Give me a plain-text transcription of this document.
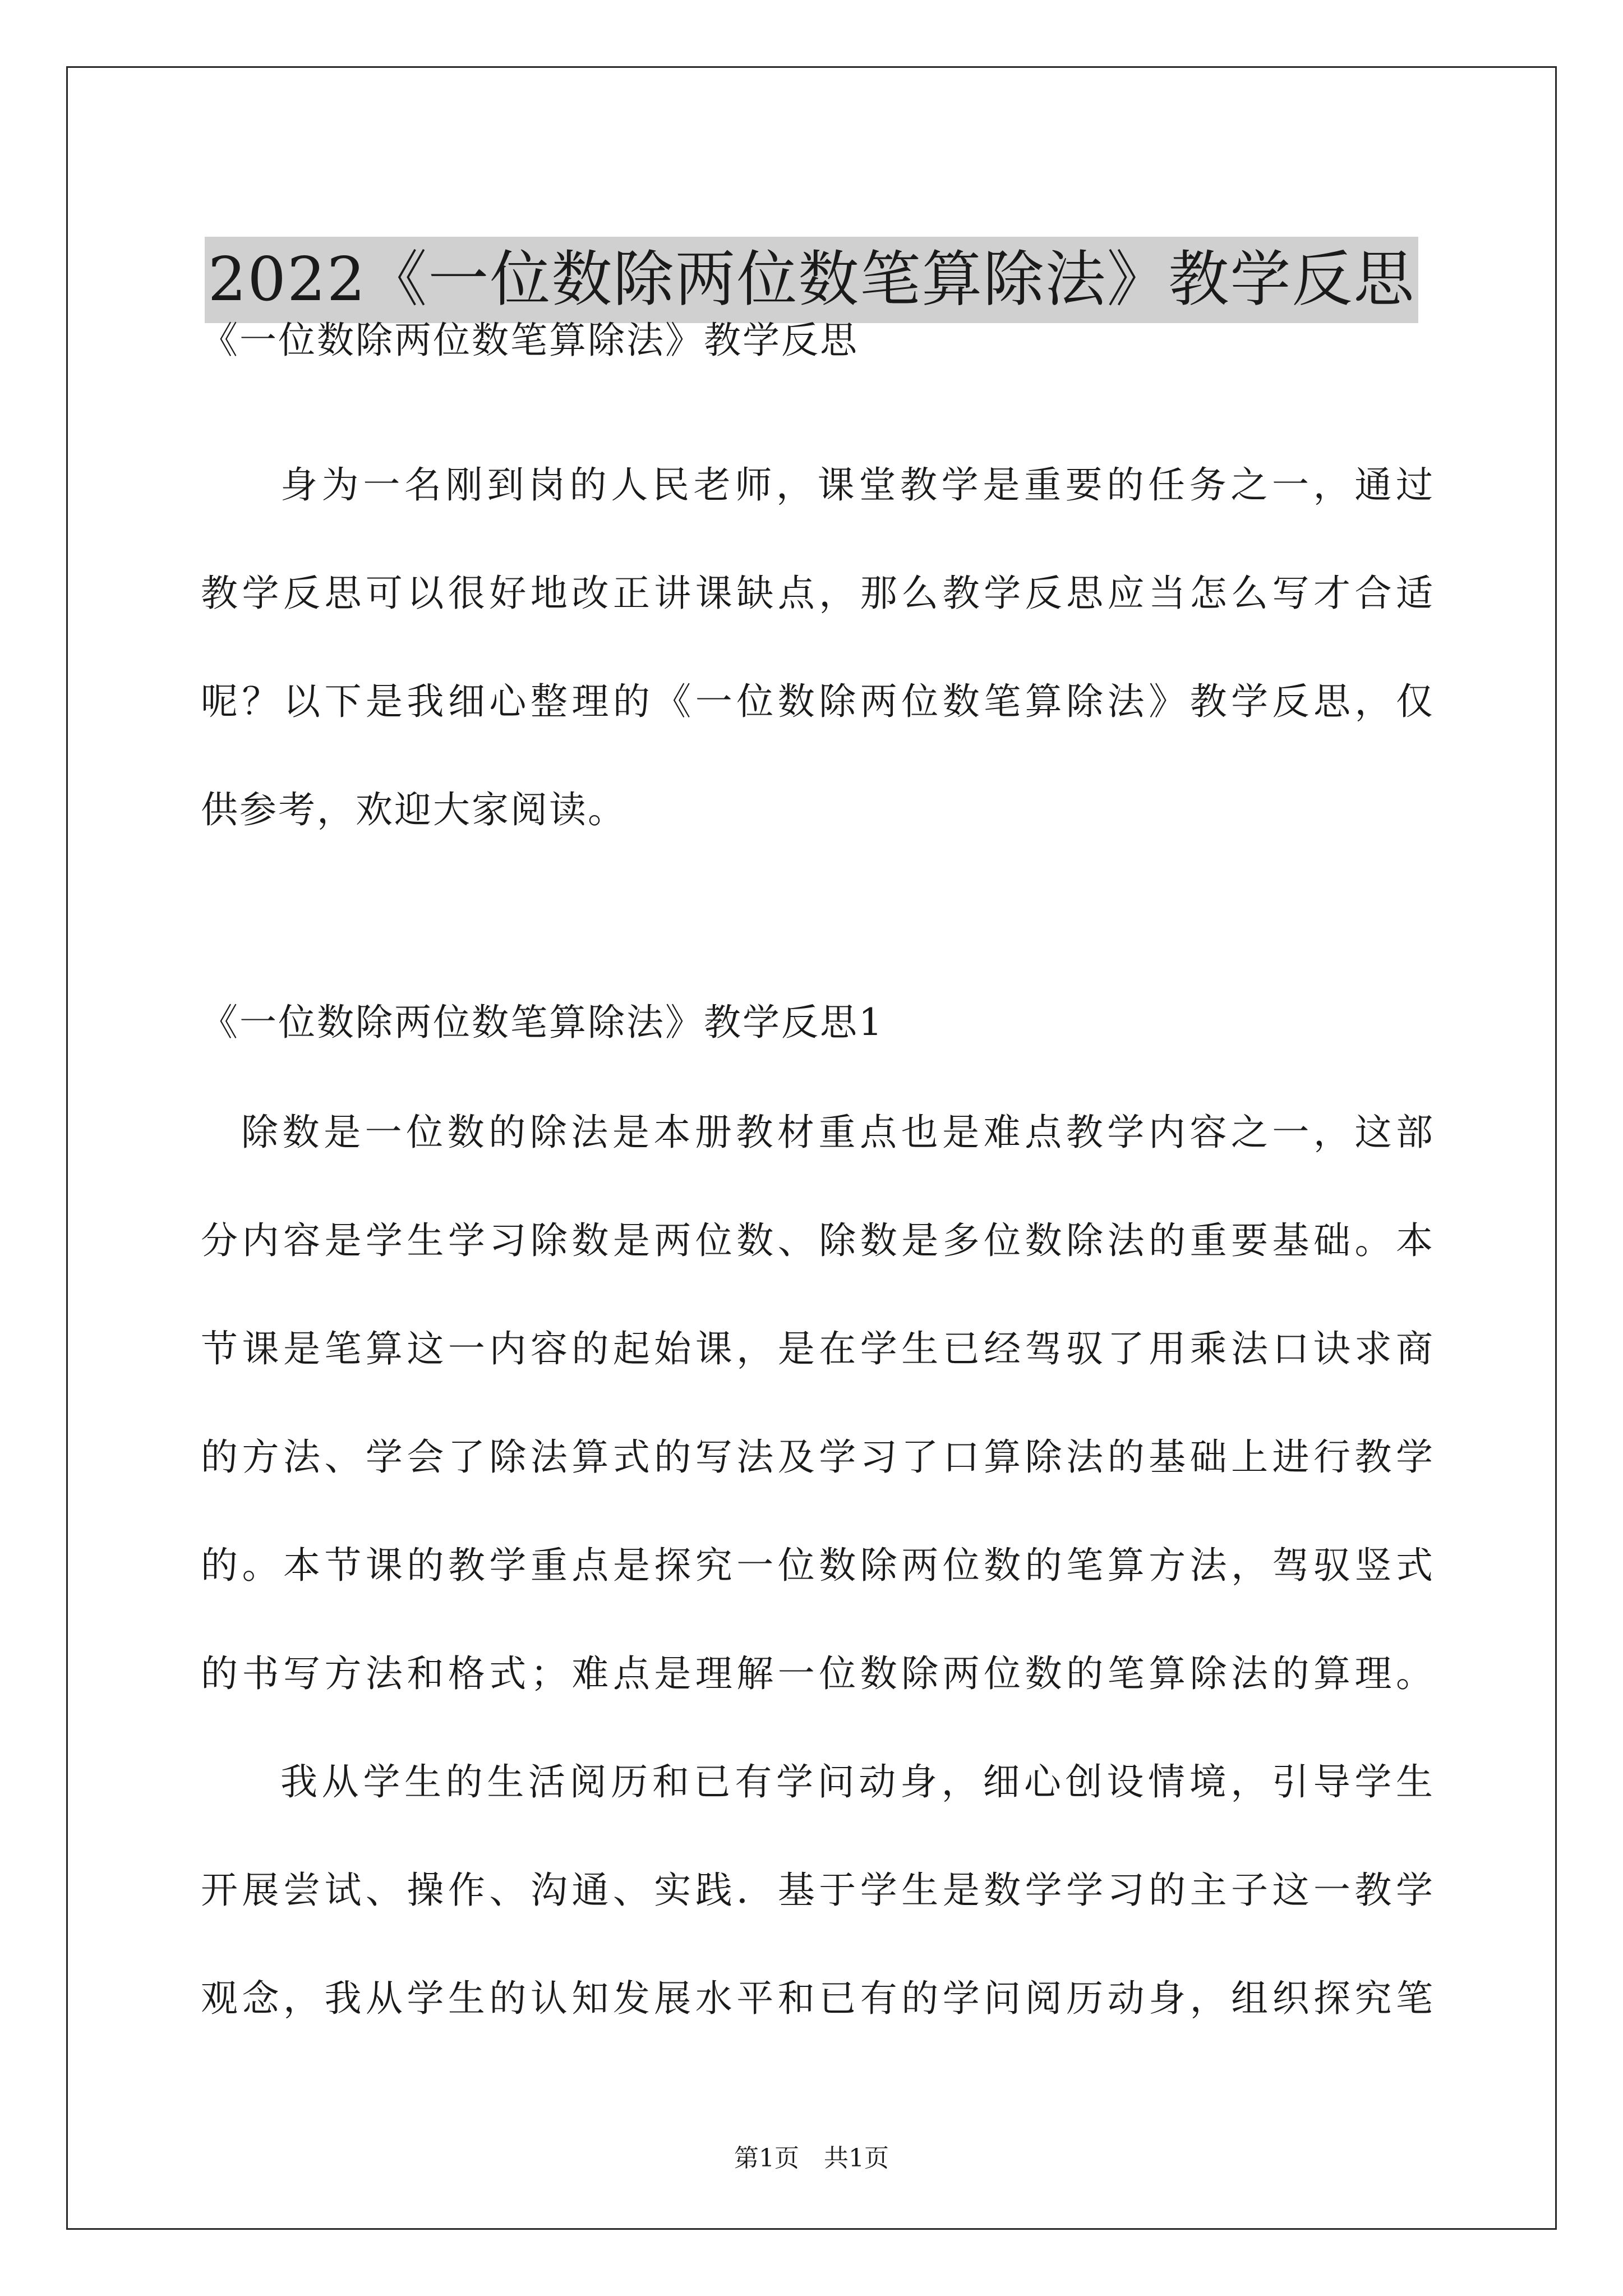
2022《一位数除两位数笔算除法》教学反思
《一位数除两位数笔算除法》教学反思
身为一名刚到岗的人民老师，课堂教学是重要的任务之一，通过
教学反思可以很好地改正讲课缺点，那么教学反思应当怎么写才合适
呢？以下是我细心整理的《一位数除两位数笔算除法》教学反思，仅
供参考，欢迎大家阅读。
《一位数除两位数笔算除法》教学反思1
除数是一位数的除法是本册教材重点也是难点教学内容之一，这部
分内容是学生学习除数是两位数、除数是多位数除法的重要基础。本
节课是笔算这一内容的起始课，是在学生已经驾驭了用乘法口诀求商
的方法、学会了除法算式的写法及学习了口算除法的基础上进行教学
的。本节课的教学重点是探究一位数除两位数的笔算方法，驾驭竖式
的书写方法和格式；难点是理解一位数除两位数的笔算除法的算理。
我从学生的生活阅历和已有学问动身，细心创设情境，引导学生
开展尝试、操作、沟通、实践．基于学生是数学学习的主子这一教学
观念，我从学生的认知发展水平和已有的学问阅历动身，组织探究笔
第1页　共1页
